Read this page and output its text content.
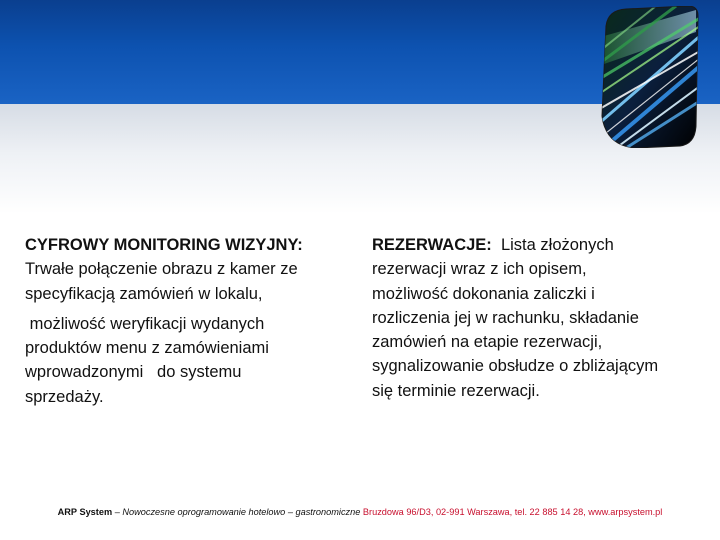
CYFROWY MONITORING WIZYJNY:
Trwałe połączenie obrazu z kamer ze
specyfikacją zamówień w lokalu,
możliwość weryfikacji wydanych
produktów menu z zamówieniami
wprowadzonymi   do systemu
sprzedaży.
REZERWACJE:  Lista złożonych
rezerwacji wraz z ich opisem,
możliwość dokonania zaliczki i
rozliczenia jej w rachunku, składanie
zamówień na etapie rezerwacji,
sygnalizowanie obsłudze o zbliżającym
się terminie rezerwacji.
ARP System – Nowoczesne oprogramowanie hotelowo – gastronomiczne Bruzdowa 96/D3, 02-991 Warszawa, tel. 22 885 14 28, www.arpsystem.pl
